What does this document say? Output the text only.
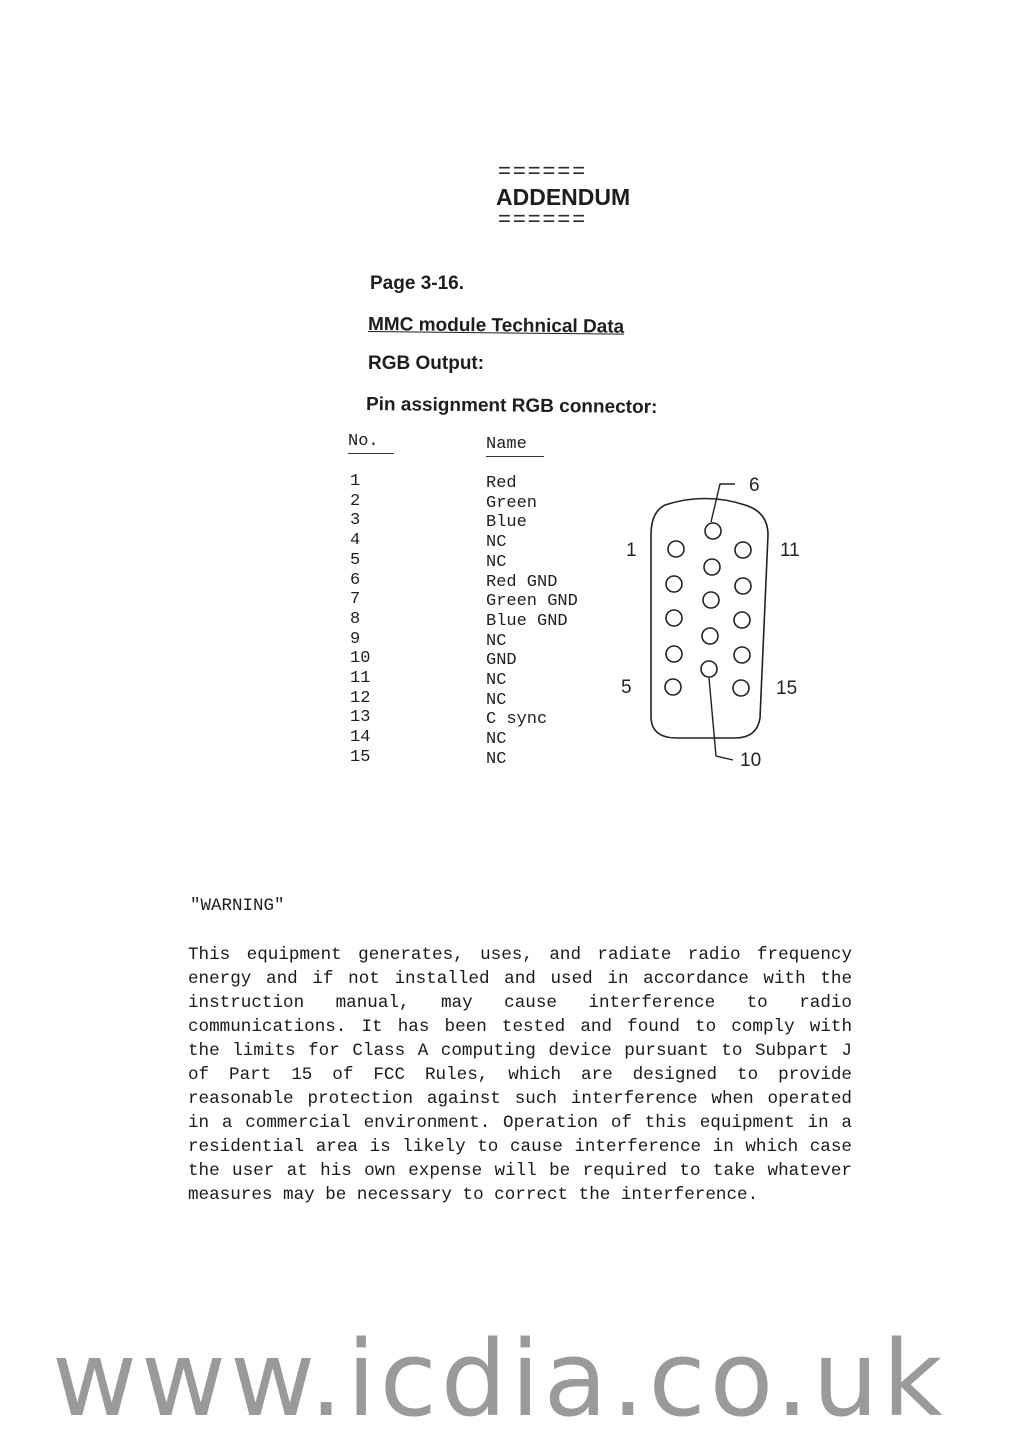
======
ADDENDUM
======
Page 3-16.
MMC module Technical Data
RGB Output:
Pin assignment RGB connector:
No.	Name
1
2
3
4
5
6
7
8
9
10
11
12
13
14
15
Red
Green
Blue
NC
NC
Red GND
Green GND
Blue GND
NC
GND
NC
NC
C sync
NC
NC
1
5
6
10
11
15
"WARNING"
This equipment generates, uses, and radiate radio frequency energy and if not installed and used in accordance with the instruction manual, may cause interference to radio communications. It has been tested and found to comply with the limits for Class A computing device pursuant to Subpart J of Part 15 of FCC Rules, which are designed to provide reasonable protection against such interference when operated in a commercial environment. Operation of this equipment in a residential area is likely to cause interference in which case the user at his own expense will be required to take whatever measures may be necessary to correct the interference.
www.icdia.co.uk
